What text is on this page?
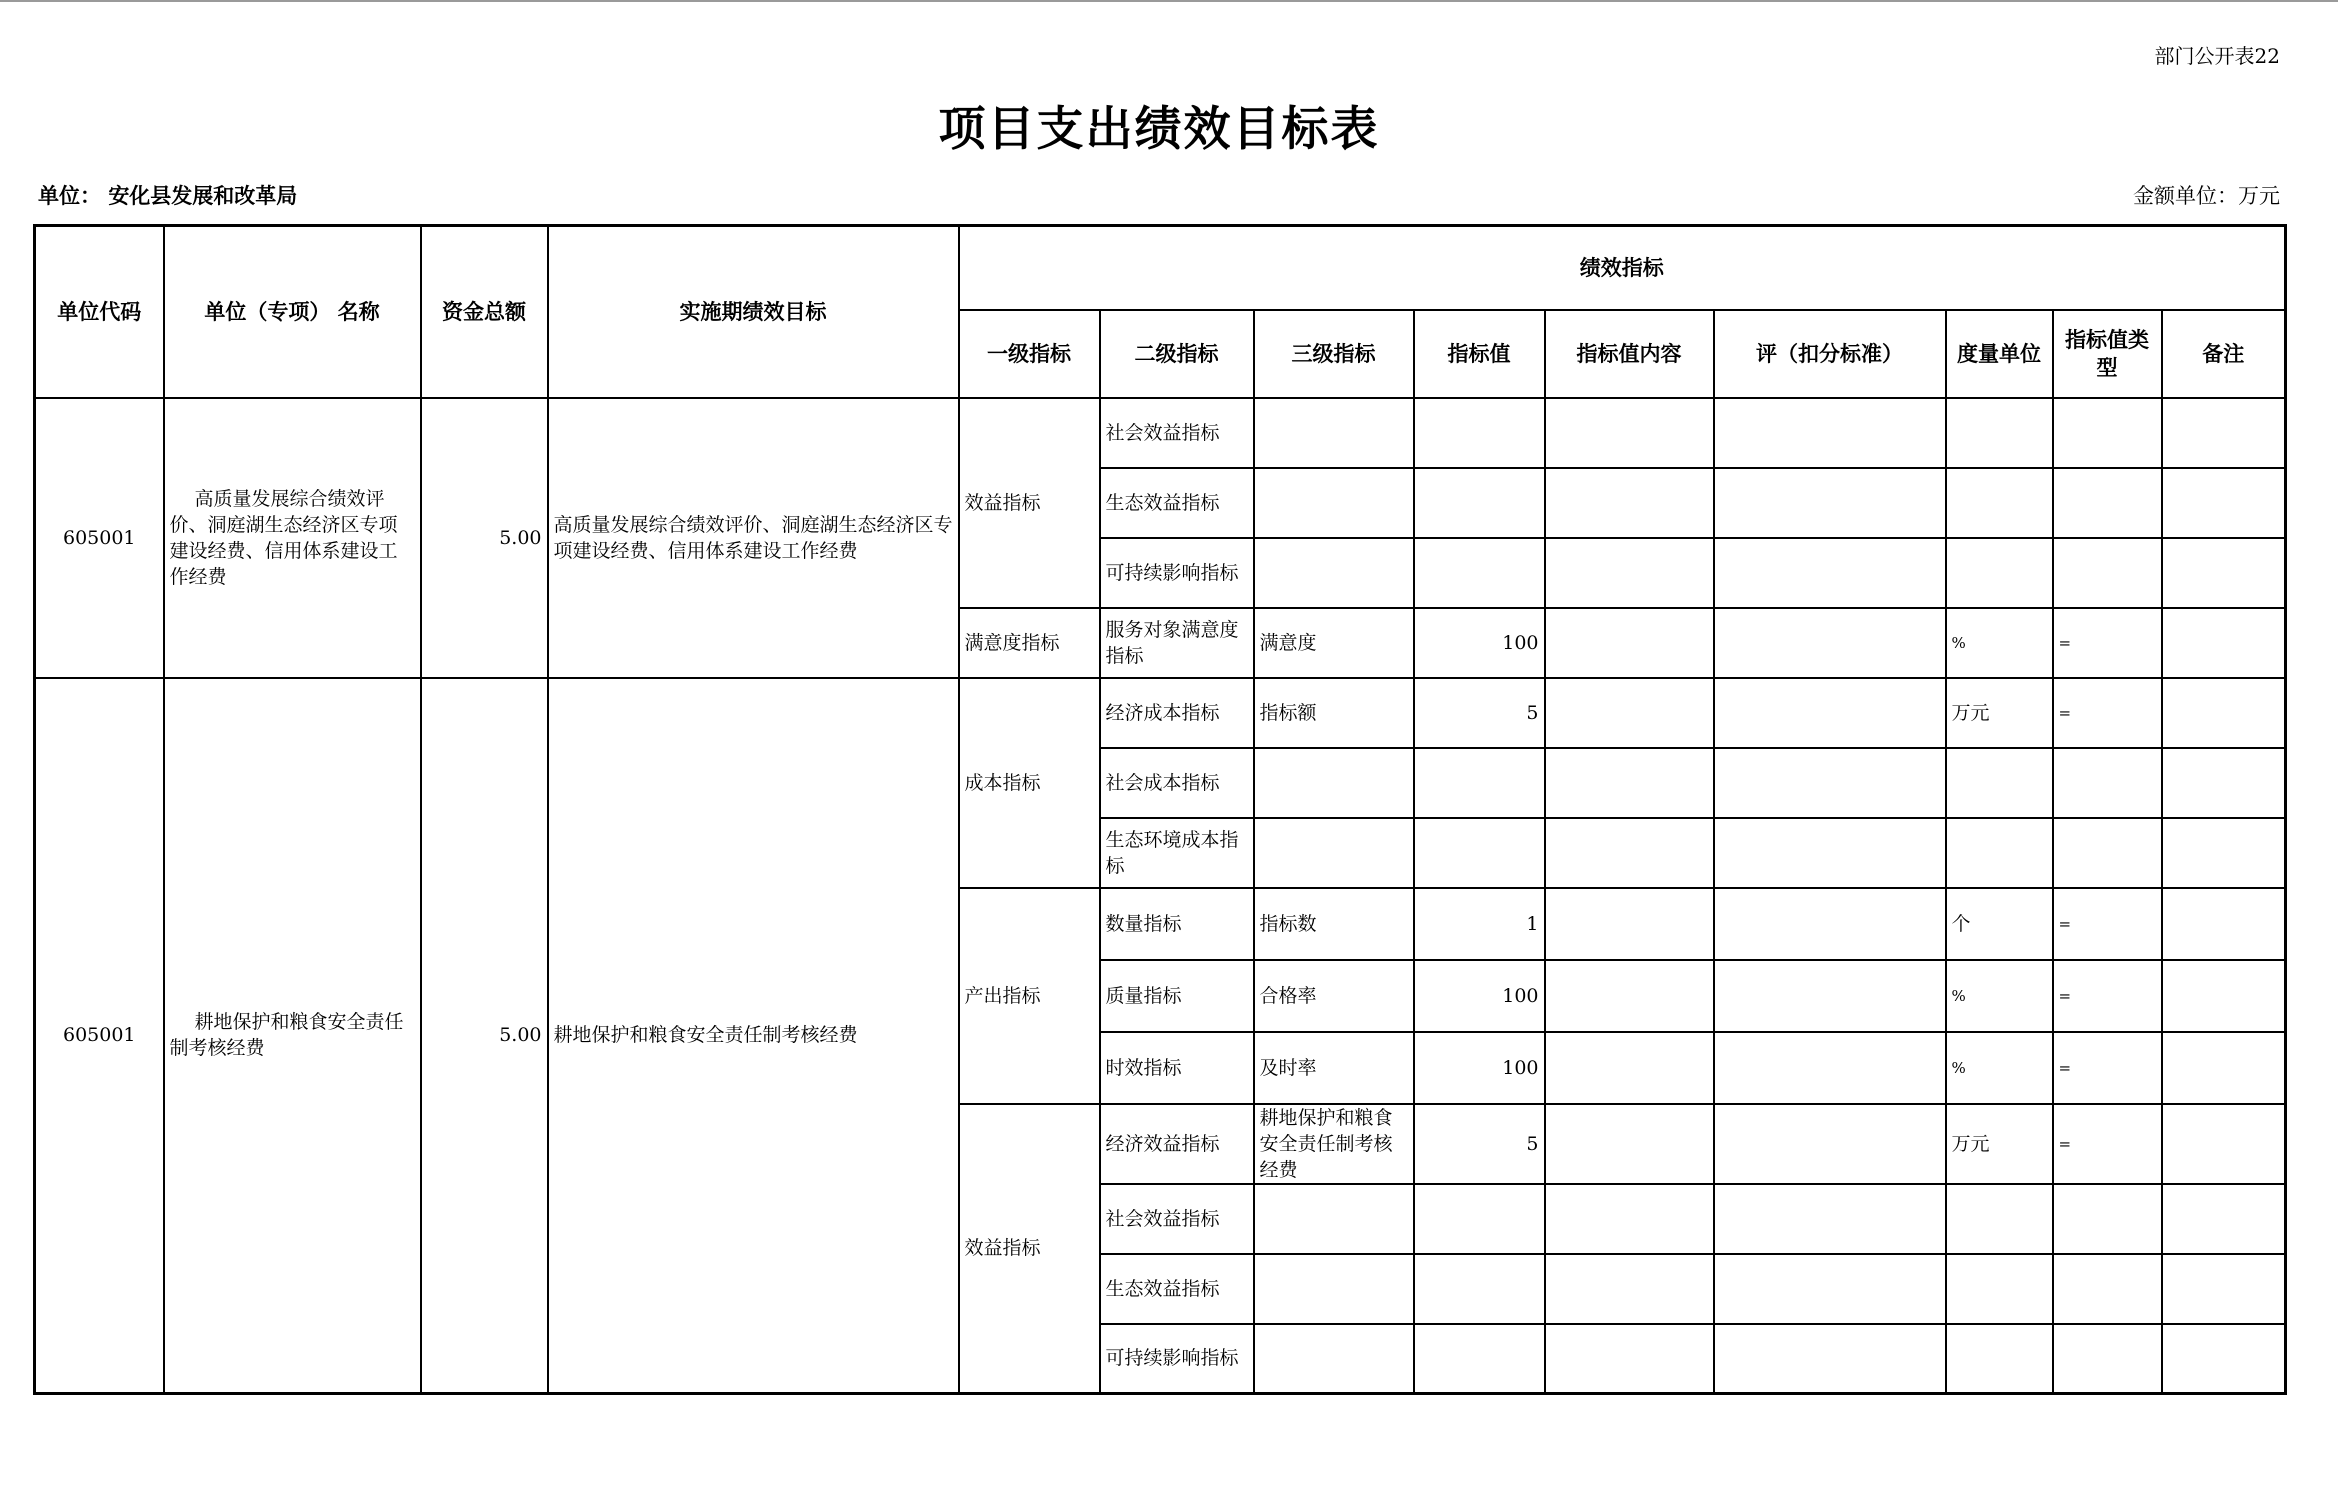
部门公开表22
项目支出绩效目标表
单位： 安化县发展和改革局	金额单位：万元
单位代码	单位（专项） 名称	资金总额	实施期绩效目标	绩效指标								
				一级指标	二级指标	三级指标	指标值	指标值内容	评（扣分标准）	度量单位	指标值类型	备注
605001	高质量发展综合绩效评价、洞庭湖生态经济区专项建设经费、信用体系建设工作经费	5.00	高质量发展综合绩效评价、洞庭湖生态经济区专项建设经费、信用体系建设工作经费	效益指标	社会效益指标							
					生态效益指标							
					可持续影响指标							
				满意度指标	服务对象满意度指标	满意度	100			%	=	
605001	耕地保护和粮食安全责任制考核经费	5.00	耕地保护和粮食安全责任制考核经费	成本指标	经济成本指标	指标额	5			万元	=	
					社会成本指标							
					生态环境成本指标							
				产出指标	数量指标	指标数	1			个	=	
					质量指标	合格率	100			%	=	
					时效指标	及时率	100			%	=	
				效益指标	经济效益指标	耕地保护和粮食安全责任制考核经费	5			万元	=	
					社会效益指标							
					生态效益指标							
					可持续影响指标							
